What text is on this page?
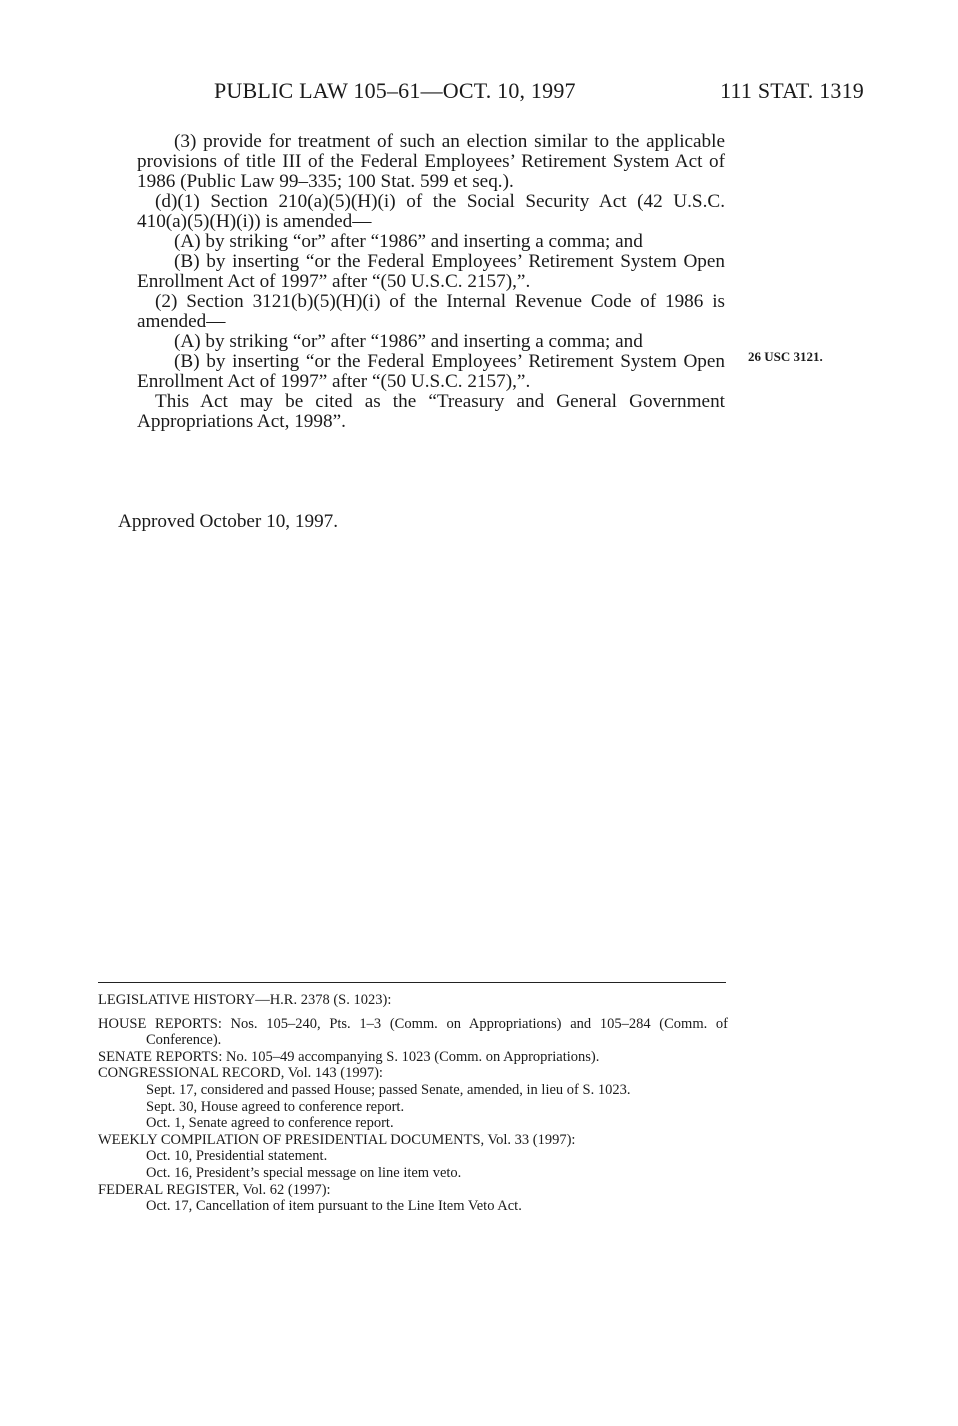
PUBLIC LAW 105–61—OCT. 10, 1997	111 STAT. 1319

(3) provide for treatment of such an election similar to the applicable provisions of title III of the Federal Employees’ Retirement System Act of 1986 (Public Law 99–335; 100 Stat. 599 et seq.).

(d)(1) Section 210(a)(5)(H)(i) of the Social Security Act (42 U.S.C. 410(a)(5)(H)(i)) is amended—

(A) by striking “or” after “1986” and inserting a comma; and

(B) by inserting “or the Federal Employees’ Retirement System Open Enrollment Act of 1997” after “(50 U.S.C. 2157),”.

(2) Section 3121(b)(5)(H)(i) of the Internal Revenue Code of 1986 is amended—

(A) by striking “or” after “1986” and inserting a comma; and

(B) by inserting “or the Federal Employees’ Retirement System Open Enrollment Act of 1997” after “(50 U.S.C. 2157),”.

This Act may be cited as the “Treasury and General Government Appropriations Act, 1998”.

26 USC 3121.
Approved October 10, 1997.

LEGISLATIVE HISTORY—H.R. 2378 (S. 1023):

HOUSE REPORTS: Nos. 105–240, Pts. 1–3 (Comm. on Appropriations) and 105–284 (Comm. of Conference).

SENATE REPORTS: No. 105–49 accompanying S. 1023 (Comm. on Appropriations).

CONGRESSIONAL RECORD, Vol. 143 (1997):

Sept. 17, considered and passed House; passed Senate, amended, in lieu of S. 1023.

Sept. 30, House agreed to conference report.

Oct. 1, Senate agreed to conference report.

WEEKLY COMPILATION OF PRESIDENTIAL DOCUMENTS, Vol. 33 (1997):

Oct. 10, Presidential statement.

Oct. 16, President’s special message on line item veto.

FEDERAL REGISTER, Vol. 62 (1997):

Oct. 17, Cancellation of item pursuant to the Line Item Veto Act.
